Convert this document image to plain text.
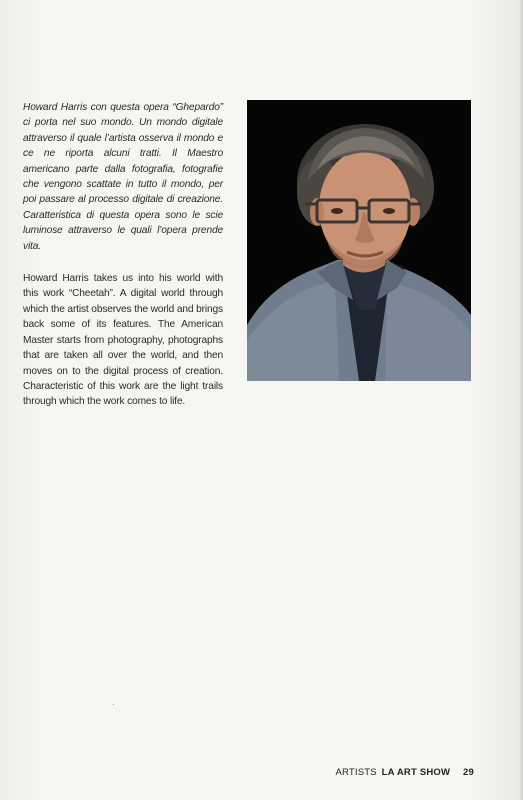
Howard Harris con questa opera “Ghepardo” ci porta nel suo mondo. Un mondo digitale attraverso il quale l’artista osserva il mondo e ce ne riporta alcuni tratti. Il Maestro americano parte dalla fotografia, fotografie che vengono scattate in tutto il mondo, per poi passare al processo digitale di creazione. Caratteristica di questa opera sono le scie luminose attraverso le quali l’opera prende vita.

Howard Harris takes us into his world with this work “Cheetah”. A digital world through which the artist observes the world and brings back some of its features. The American Master starts from photography, photographs that are taken all over the world, and then moves on to the digital process of creation. Characteristic of this work are the light trails through which the work comes to life.

ARTISTS LA ART SHOW 29
